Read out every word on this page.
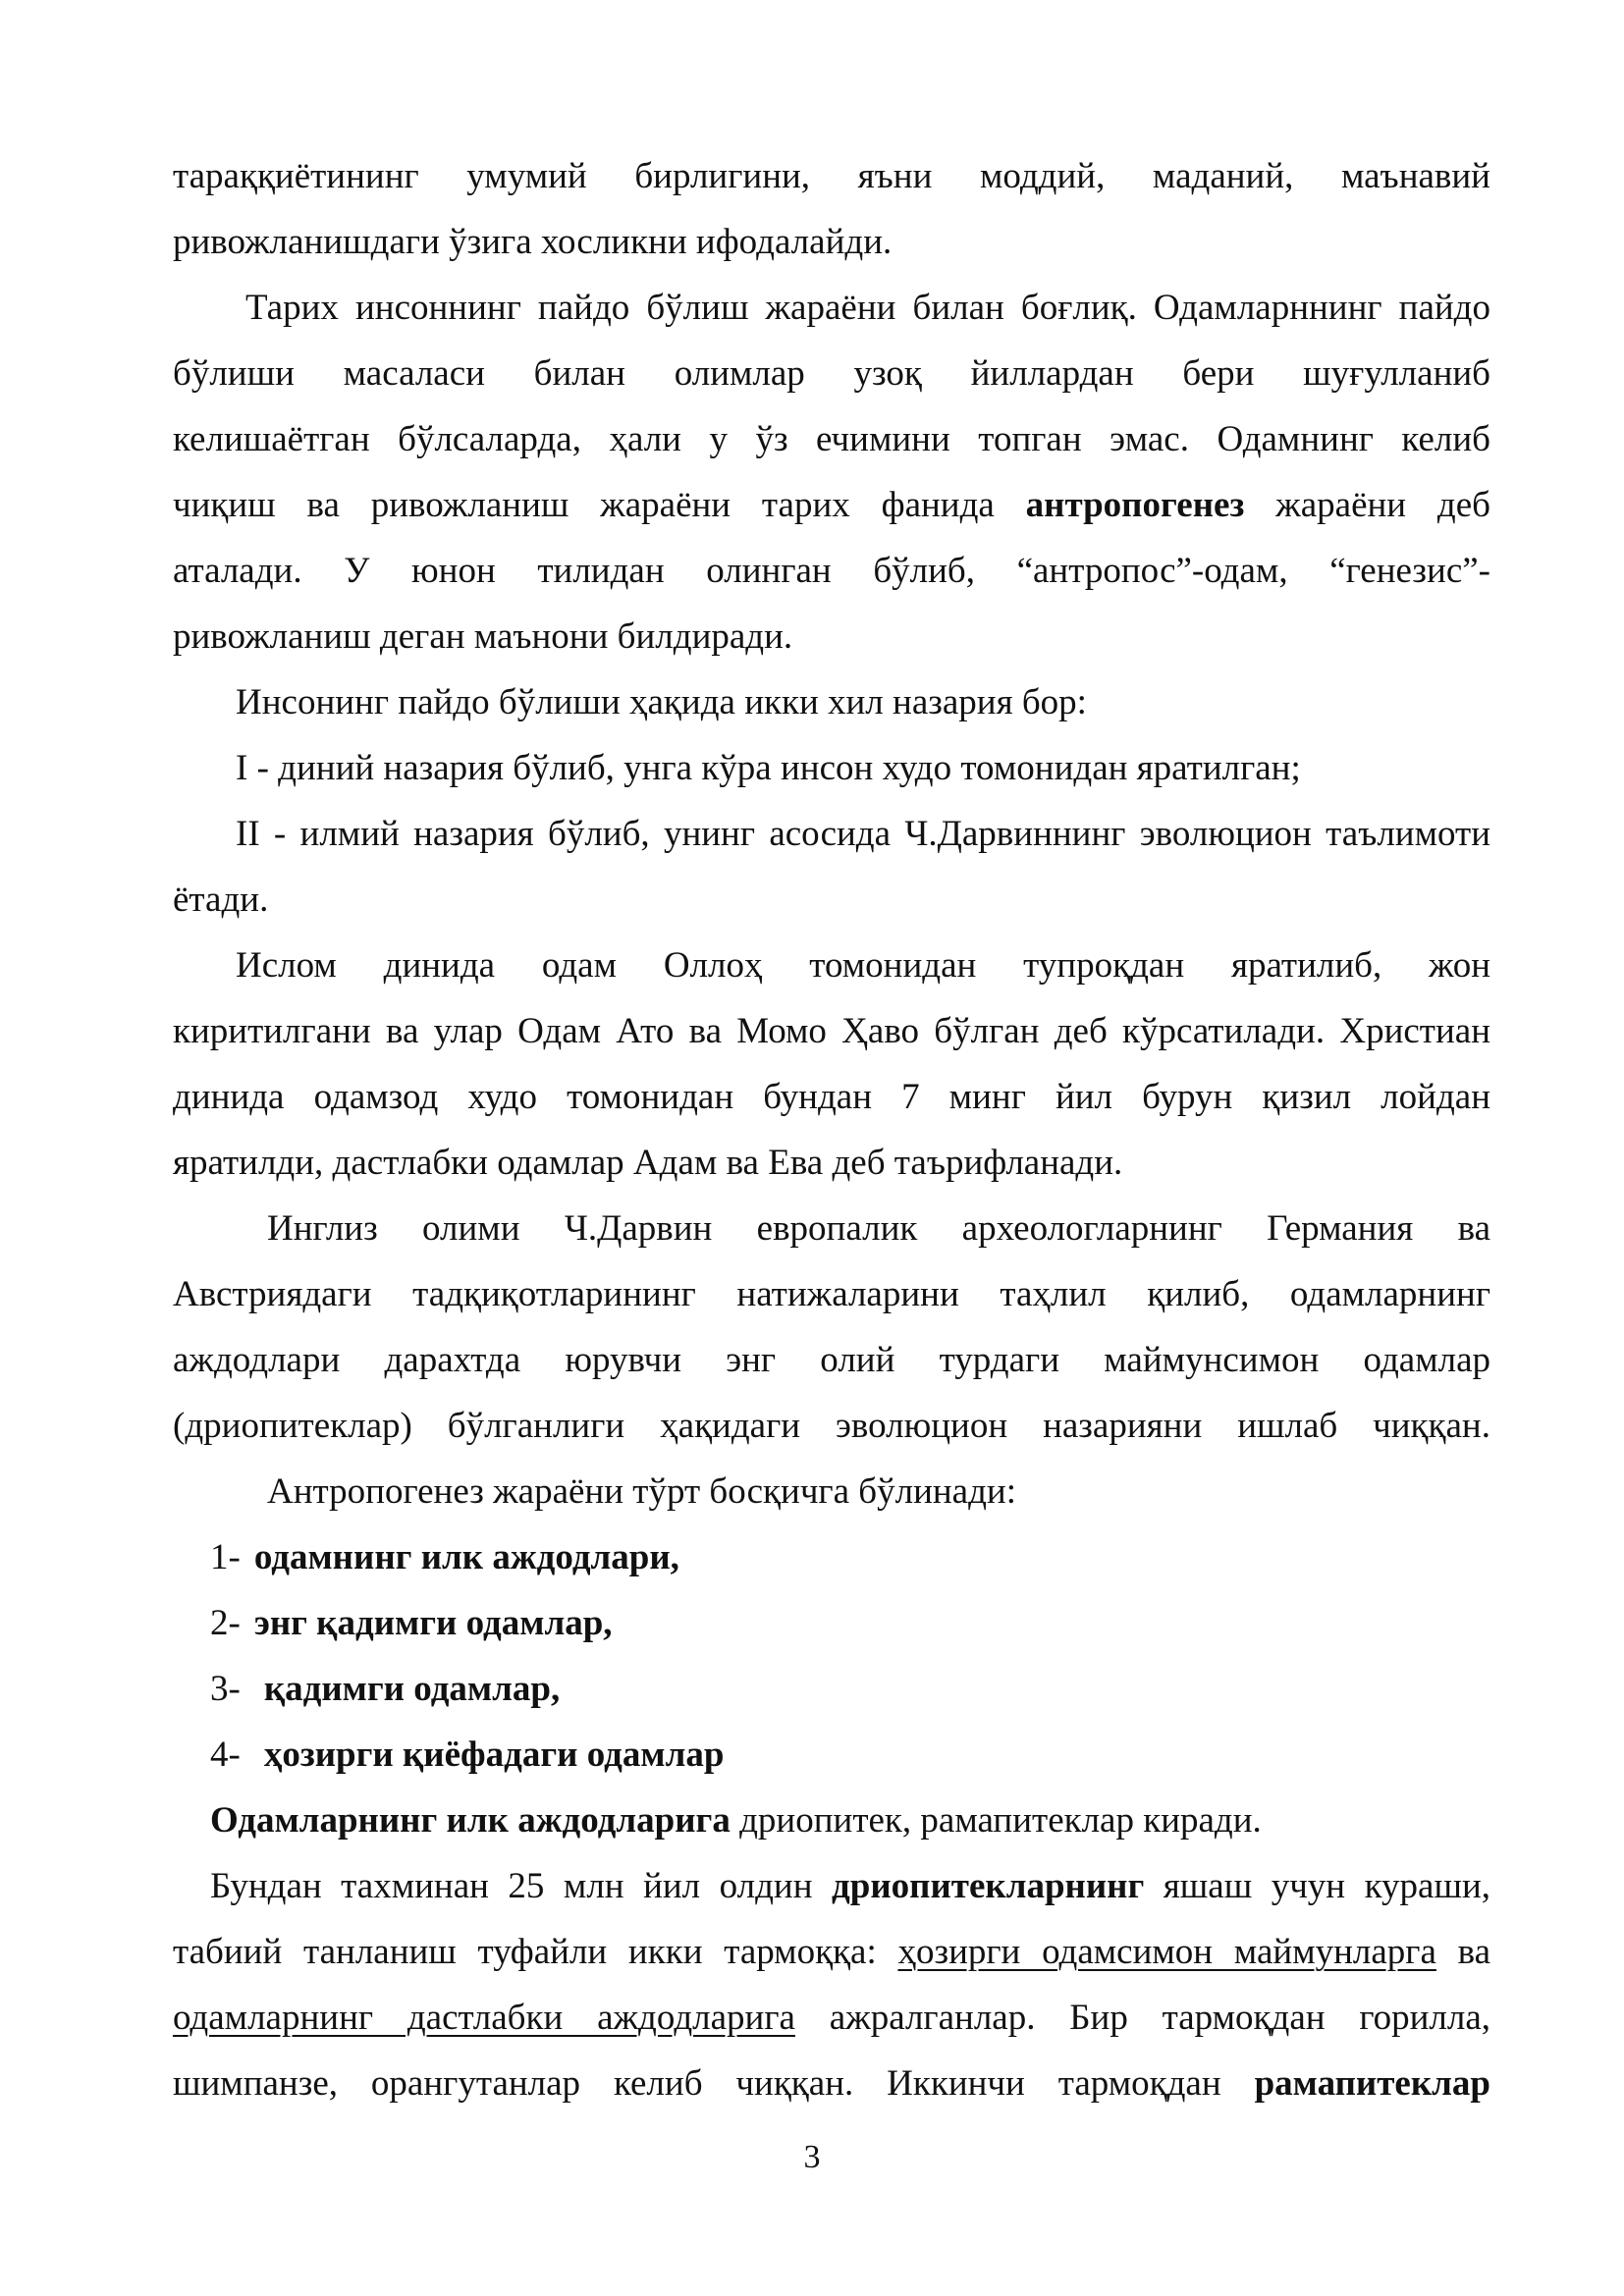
тараққиётининг умумий бирлигини, яъни моддий, маданий, маънавий
ривожланишдаги ўзига хосликни ифодалайди.
Тарих инсоннинг пайдо бўлиш жараёни билан боғлиқ. Одамларннинг пайдо
бўлиши масаласи билан олимлар узоқ йиллардан бери шуғулланиб
келишаётган бўлсаларда, ҳали у ўз ечимини топган эмас. Одамнинг келиб
чиқиш ва ривожланиш жараёни тарих фанида антропогенез жараёни деб
аталади. У юнон тилидан олинган бўлиб, “антропос”-одам, “генезис”-
ривожланиш деган маънони билдиради.
Инсонинг пайдо бўлиши ҳақида икки хил назария бор:
I - диний назария бўлиб, унга кўра инсон худо томонидан яратилган;
II - илмий назария бўлиб, унинг асосида Ч.Дарвиннинг эволюцион таълимоти
ётади.
Ислом динида одам Оллоҳ томонидан тупроқдан яратилиб, жон
киритилгани ва улар Одам Ато ва Момо Ҳаво бўлган деб кўрсатилади. Христиан
динида одамзод худо томонидан бундан 7 минг йил бурун қизил лойдан
яратилди, дастлабки одамлар Адам ва Ева деб таърифланади.
Инглиз олими Ч.Дарвин европалик археологларнинг Германия ва
Австриядаги тадқиқотларининг натижаларини таҳлил қилиб, одамларнинг
аждодлари дарахтда юрувчи энг олий турдаги маймунсимон одамлар
(дриопитеклар) бўлганлиги ҳақидаги эволюцион назарияни ишлаб чиққан.
Антропогенез жараёни тўрт босқичга бўлинади:
1- одамнинг илк аждодлари,
2- энг қадимги одамлар,
3- қадимги одамлар,
4- ҳозирги қиёфадаги одамлар
Одамларнинг илк аждодларига дриопитек, рамапитеклар киради.
Бундан тахминан 25 млн йил олдин дриопитекларнинг яшаш учун кураши,
табиий танланиш туфайли икки тармоққа: ҳозирги одамсимон маймунларга ва
одамларнинг дастлабки аждодларига ажралганлар. Бир тармоқдан горилла,
шимпанзе, орангутанлар келиб чиққан. Иккинчи тармоқдан рамапитеклар
3
